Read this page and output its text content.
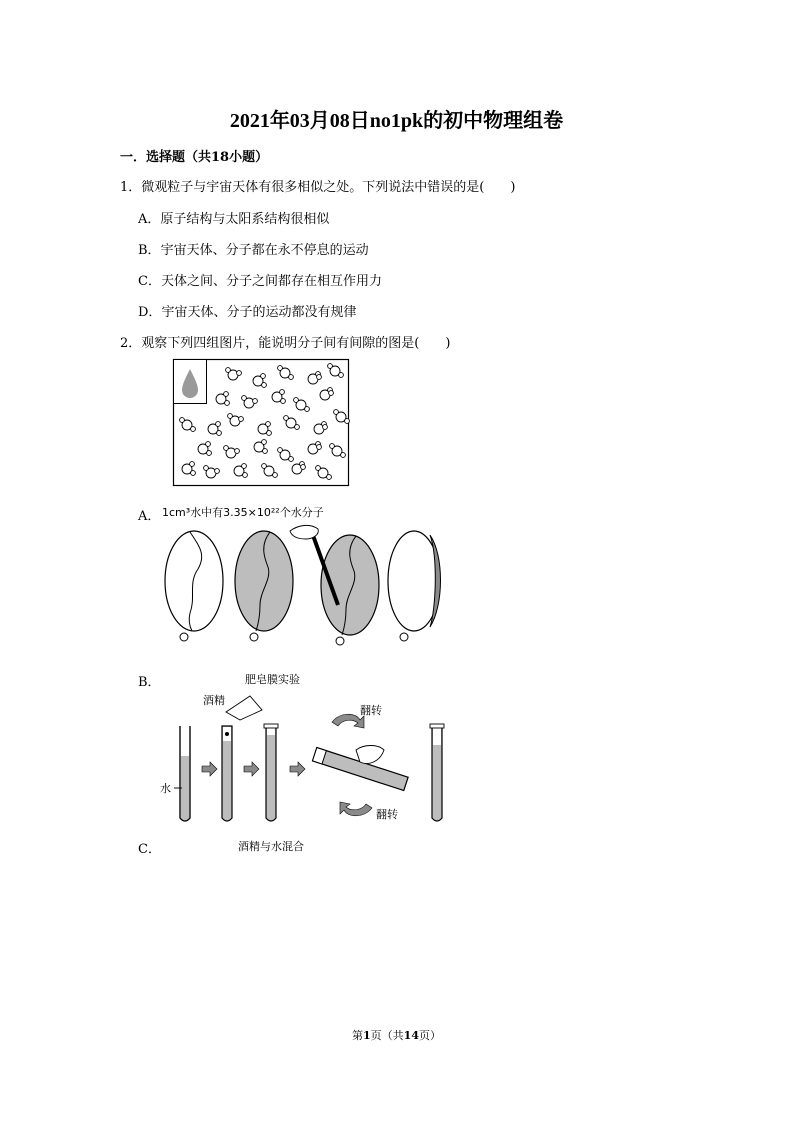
2021年03月08日no1pk的初中物理组卷
一．选择题（共18小题）
1．微观粒子与宇宙天体有很多相似之处。下列说法中错误的是(　　)
A．原子结构与太阳系结构很相似
B．宇宙天体、分子都在永不停息的运动
C．天体之间、分子之间都存在相互作用力
D．宇宙天体、分子的运动都没有规律
2．观察下列四组图片，能说明分子间有间隙的图是(　　)
A． 1cm³水中有3.35×10²²个水分子
B．	肥皂膜实验
酒精
水
翻转
翻转
C．	酒精与水混合
第1页（共14页）
